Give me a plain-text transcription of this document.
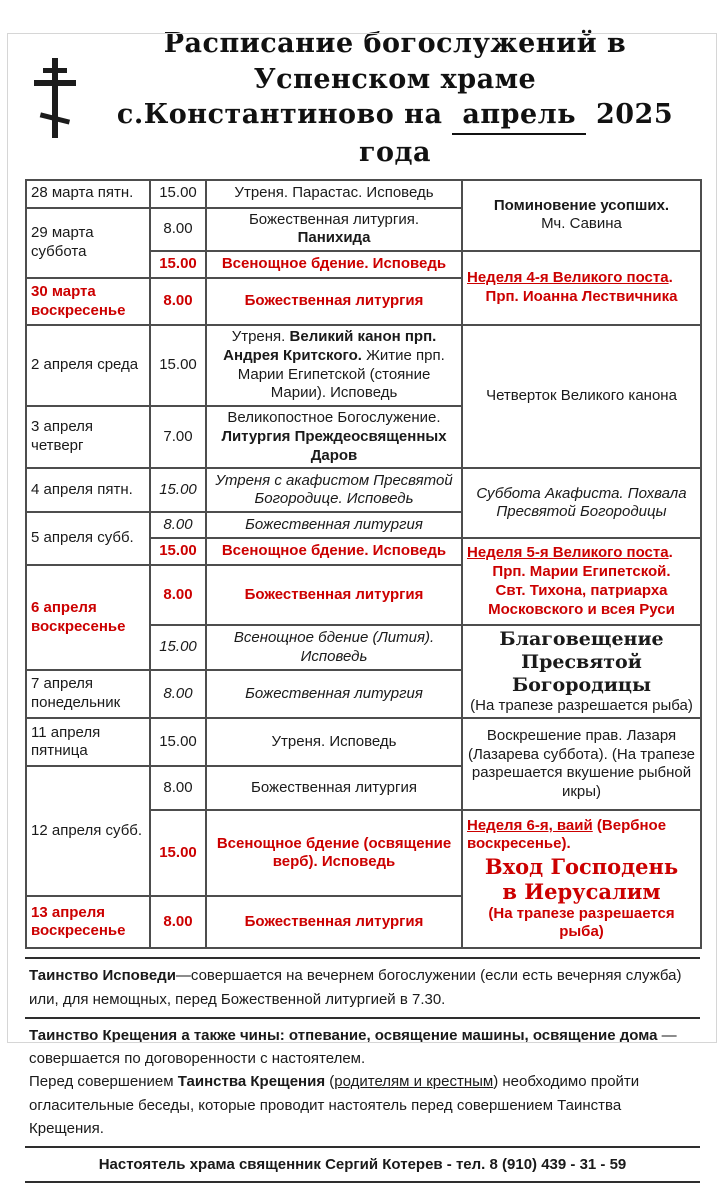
Расписание богослужений в Успенском храме
с.Константиново на апрель 2025 года
28 марта пятн.	15.00	Утреня. Парастас. Исповедь	Поминовение усопших.
Мч. Савина

29 марта суббота	8.00	Божественная литургия. Панихида	
	15.00	Всенощное бдение. Исповедь	Неделя 4-я Великого поста.
Прп. Иоанна Лествичника

30 марта воскресенье	8.00	Божественная литургия	
2 апреля среда	15.00	Утреня. Великий канон прп. Андрея Критского. Житие прп. Марии Египетской (стояние Марии). Исповедь	Четверток Великого канона

3 апреля четверг	7.00	Великопостное Богослужение. Литургия Преждеосвященных Даров	
4 апреля пятн.	15.00	Утреня с акафистом Пресвятой Богородице. Исповедь	Суббота Акафиста. Похвала Пресвятой Богородицы
5 апреля субб.	8.00	Божественная литургия	
	15.00	Всенощное бдение. Исповедь	Неделя 5-я Великого поста.
Прп. Марии Египетской.
Свт. Тихона, патриарха Московского и всея Руси

6 апреля воскресенье	8.00	Божественная литургия	
	15.00	Всенощное бдение (Лития). Исповедь	Благовещение Пресвятой Богородицы
(На трапезе разрешается рыба)

7 апреля понедельник	8.00	Божественная литургия	
11 апреля пятница	15.00	Утреня. Исповедь	Воскрешение прав. Лазаря (Лазарева суббота). (На трапезе разрешается вкушение рыбной икры)
12 апреля субб.	8.00	Божественная литургия	
	15.00	Всенощное бдение (освящение верб). Исповедь	Неделя 6-я, ваий (Вербное воскресенье).
Вход Господень
в Иерусалим
(На трапезе разрешается рыба)

13 апреля воскресенье	8.00	Божественная литургия	
Таинство Исповеди—совершается на вечернем богослужении (если есть вечерняя служба) или, для немощных, перед Божественной литургией в 7.30.
Таинство Крещения а также чины: отпевание, освящение машины, освящение дома — совершается по договоренности с настоятелем.
Перед совершением Таинства Крещения (родителям и крестным) необходимо пройти огласительные беседы, которые проводит настоятель перед совершением Таинства Крещения.
Настоятель храма священник Сергий Котерев - тел. 8 (910) 439 - 31 - 59
